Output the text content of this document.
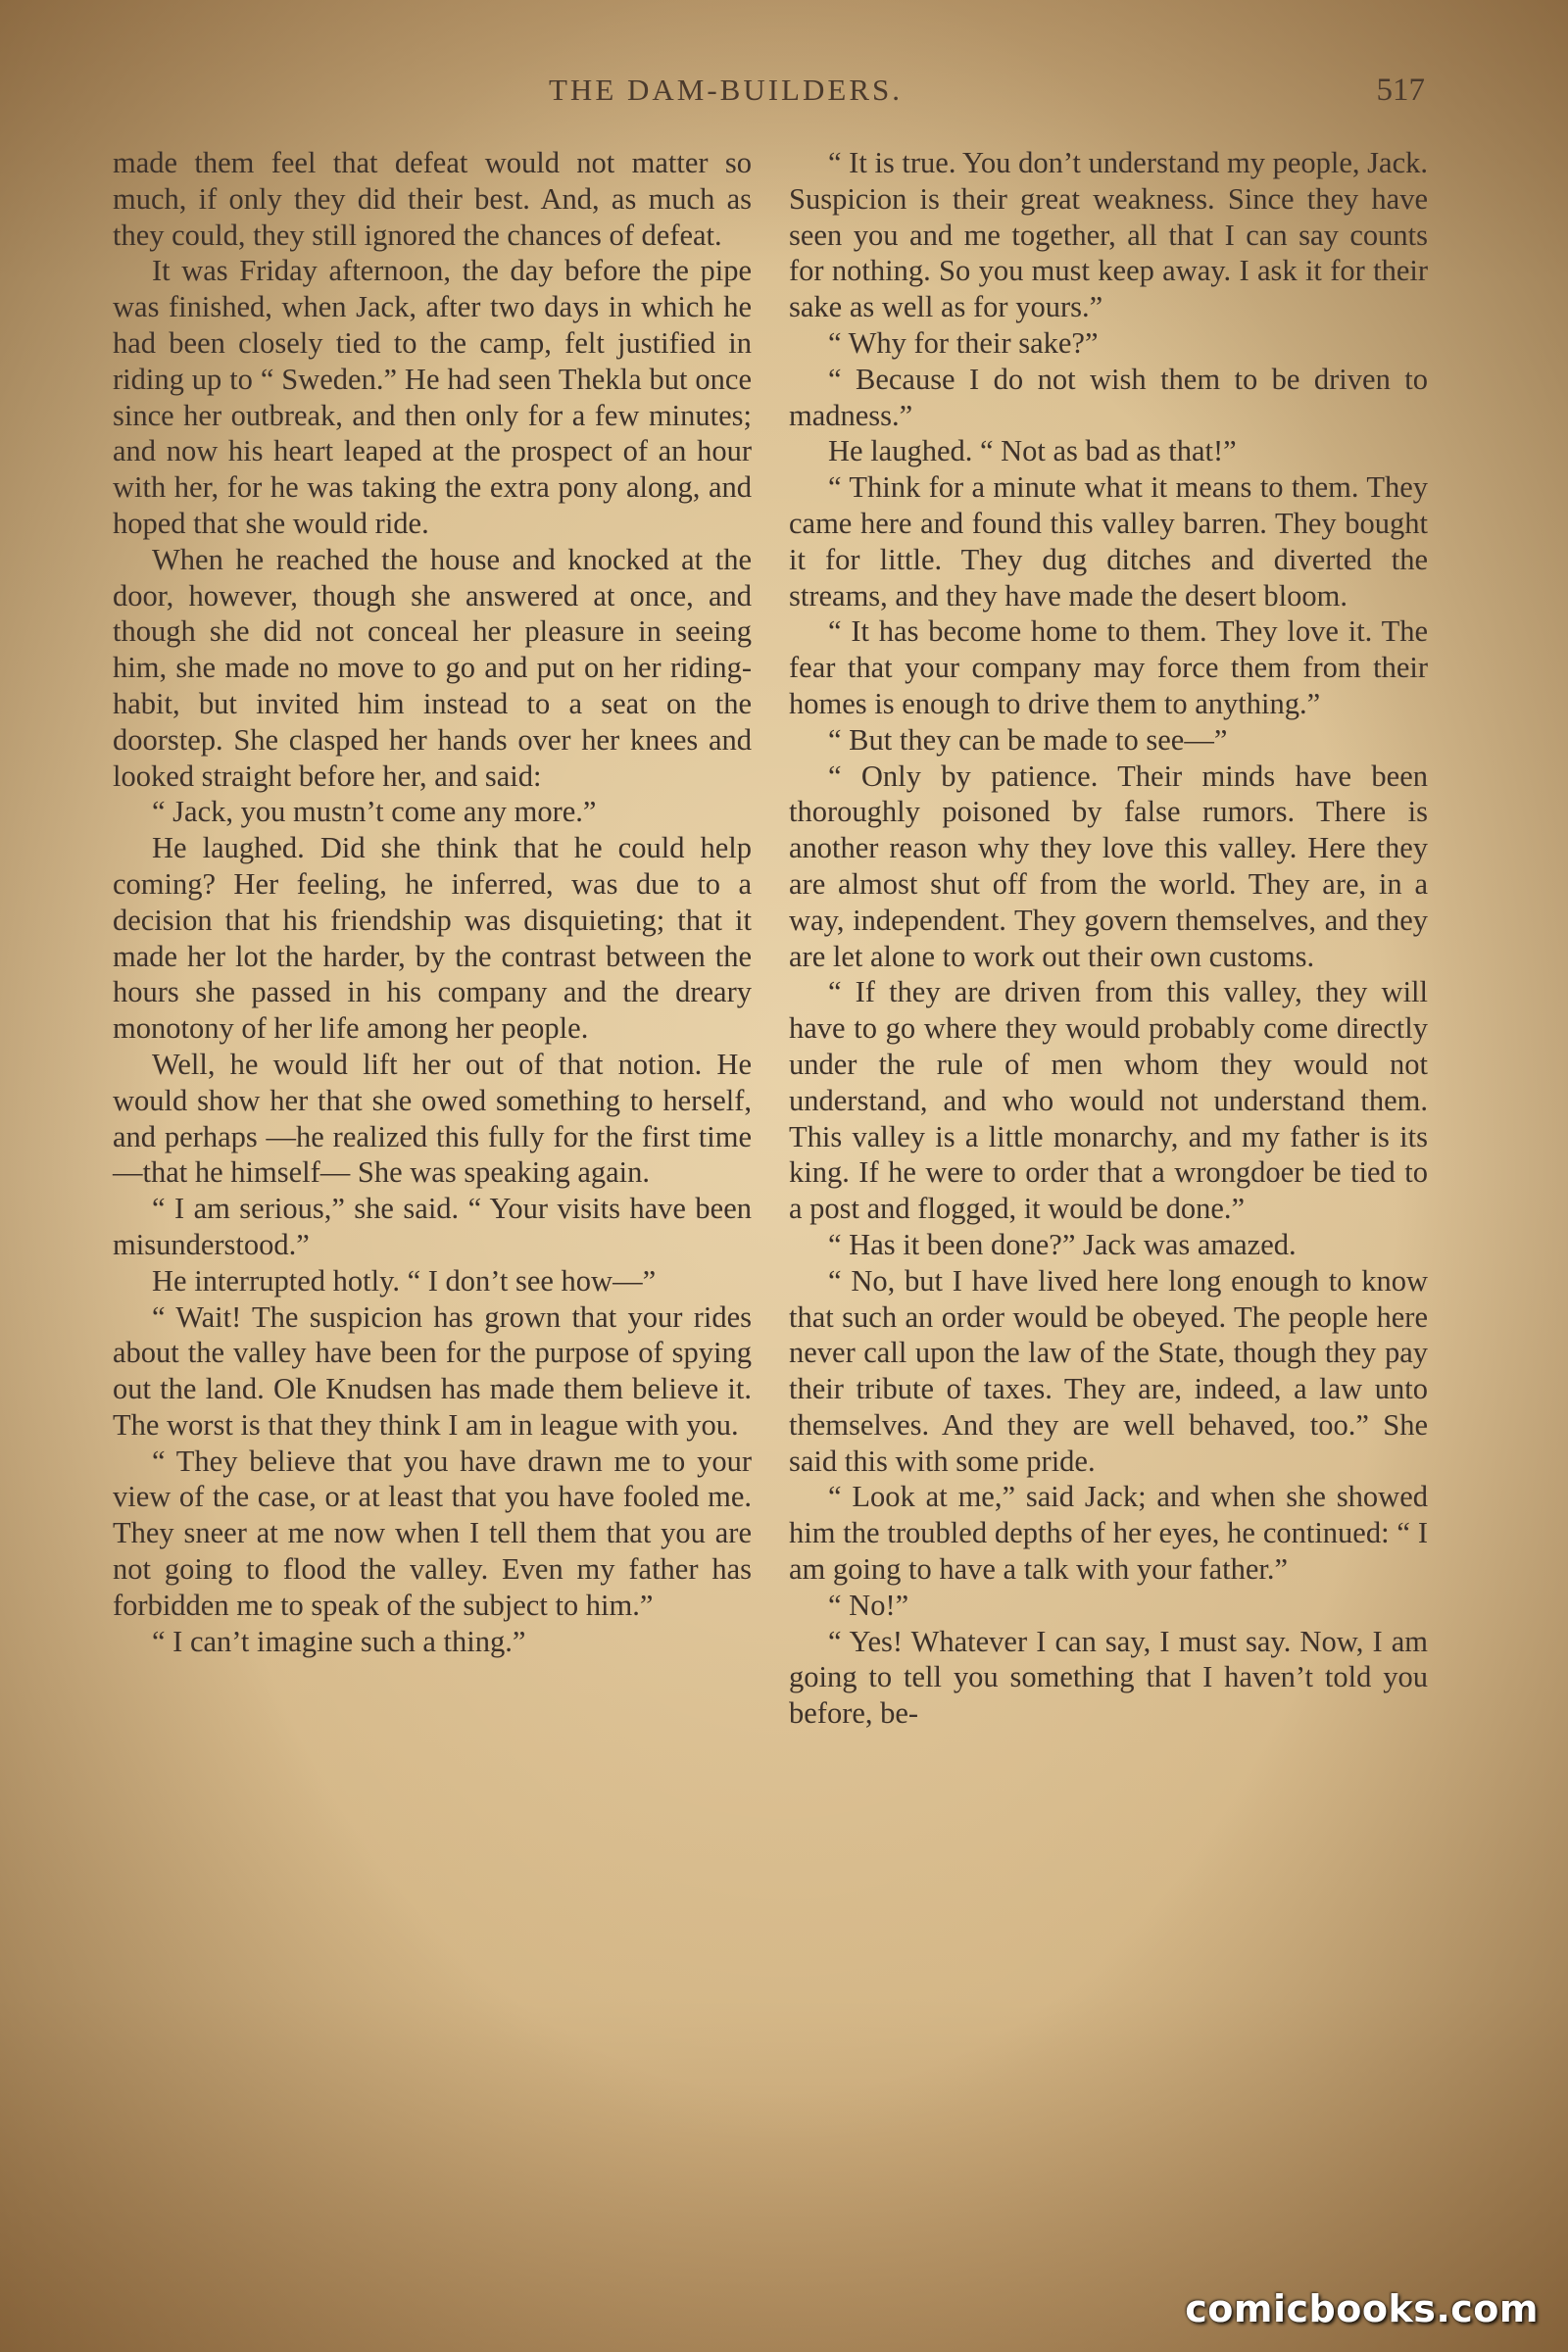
THE DAM-BUILDERS.	517

made them feel that defeat would not matter so much, if only they did their best. And, as much as they could, they still ignored the chances of defeat.

It was Friday afternoon, the day before the pipe was finished, when Jack, after two days in which he had been closely tied to the camp, felt justified in riding up to “ Sweden.” He had seen Thekla but once since her outbreak, and then only for a few minutes; and now his heart leaped at the prospect of an hour with her, for he was taking the extra pony along, and hoped that she would ride.

When he reached the house and knocked at the door, however, though she answered at once, and though she did not conceal her pleasure in seeing him, she made no move to go and put on her riding-habit, but invited him instead to a seat on the doorstep. She clasped her hands over her knees and looked straight before her, and said:

“ Jack, you mustn’t come any more.”

He laughed. Did she think that he could help coming? Her feeling, he inferred, was due to a decision that his friendship was disquieting; that it made her lot the harder, by the contrast between the hours she passed in his company and the dreary monotony of her life among her people.

Well, he would lift her out of that notion. He would show her that she owed something to herself, and perhaps —he realized this fully for the first time —that he himself— She was speaking again.

“ I am serious,” she said. “ Your visits have been misunderstood.”

He interrupted hotly. “ I don’t see how—”

“ Wait! The suspicion has grown that your rides about the valley have been for the purpose of spying out the land. Ole Knudsen has made them believe it. The worst is that they think I am in league with you.

“ They believe that you have drawn me to your view of the case, or at least that you have fooled me. They sneer at me now when I tell them that you are not going to flood the valley. Even my father has forbidden me to speak of the subject to him.”

“ I can’t imagine such a thing.”

“ It is true. You don’t understand my people, Jack. Suspicion is their great weakness. Since they have seen you and me together, all that I can say counts for nothing. So you must keep away. I ask it for their sake as well as for yours.”

“ Why for their sake?”

“ Because I do not wish them to be driven to madness.”

He laughed. “ Not as bad as that!”

“ Think for a minute what it means to them. They came here and found this valley barren. They bought it for little. They dug ditches and diverted the streams, and they have made the desert bloom.

“ It has become home to them. They love it. The fear that your company may force them from their homes is enough to drive them to anything.”

“ But they can be made to see—”

“ Only by patience. Their minds have been thoroughly poisoned by false rumors. There is another reason why they love this valley. Here they are almost shut off from the world. They are, in a way, independent. They govern themselves, and they are let alone to work out their own customs.

“ If they are driven from this valley, they will have to go where they would probably come directly under the rule of men whom they would not understand, and who would not understand them. This valley is a little monarchy, and my father is its king. If he were to order that a wrongdoer be tied to a post and flogged, it would be done.”

“ Has it been done?” Jack was amazed.

“ No, but I have lived here long enough to know that such an order would be obeyed. The people here never call upon the law of the State, though they pay their tribute of taxes. They are, indeed, a law unto themselves. And they are well behaved, too.” She said this with some pride.

“ Look at me,” said Jack; and when she showed him the troubled depths of her eyes, he continued: “ I am going to have a talk with your father.”

“ No!”

“ Yes! Whatever I can say, I must say. Now, I am going to tell you something that I haven’t told you before, be-

comicbooks.com
